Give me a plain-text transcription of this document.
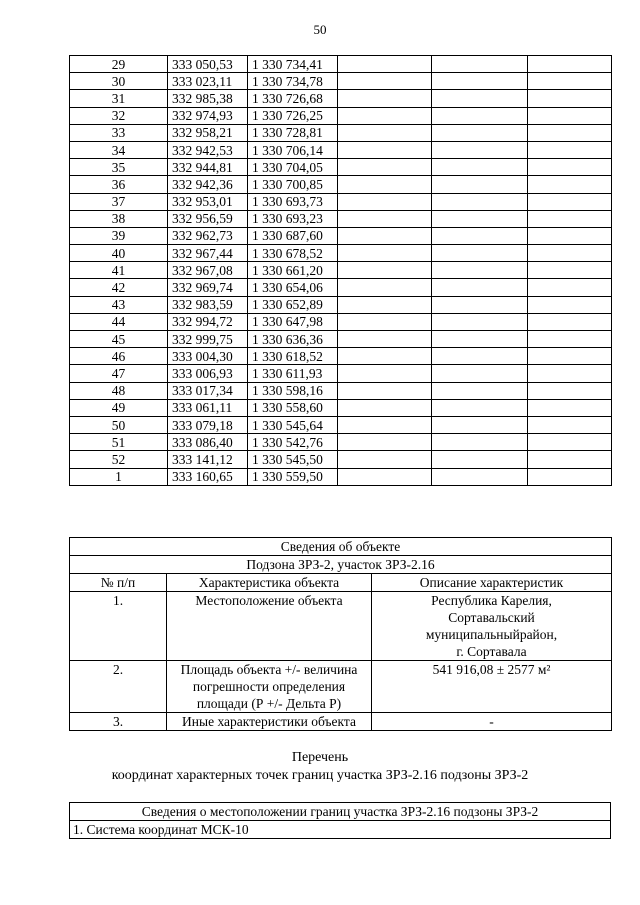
50
29	333 050,53	1 330 734,41			
30	333 023,11	1 330 734,78			
31	332 985,38	1 330 726,68			
32	332 974,93	1 330 726,25			
33	332 958,21	1 330 728,81			
34	332 942,53	1 330 706,14			
35	332 944,81	1 330 704,05			
36	332 942,36	1 330 700,85			
37	332 953,01	1 330 693,73			
38	332 956,59	1 330 693,23			
39	332 962,73	1 330 687,60			
40	332 967,44	1 330 678,52			
41	332 967,08	1 330 661,20			
42	332 969,74	1 330 654,06			
43	332 983,59	1 330 652,89			
44	332 994,72	1 330 647,98			
45	332 999,75	1 330 636,36			
46	333 004,30	1 330 618,52			
47	333 006,93	1 330 611,93			
48	333 017,34	1 330 598,16			
49	333 061,11	1 330 558,60			
50	333 079,18	1 330 545,64			
51	333 086,40	1 330 542,76			
52	333 141,12	1 330 545,50			
1	333 160,65	1 330 559,50			
Сведения об объекте		
Подзона ЗРЗ-2, участок ЗРЗ-2.16		
№ п/п	Характеристика объекта	Описание характеристик
1.	Местоположение объекта	Республика Карелия,
Сортавальский
муниципальныйрайон,
г. Сортавала
2.	Площадь объекта +/- величина
погрешности определения
площади (Р +/- Дельта Р)	541 916,08 ± 2577 м²
3.	Иные характеристики объекта	-
Перечень
координат характерных точек границ участка ЗРЗ-2.16 подзоны ЗРЗ-2
Сведения о местоположении границ участка ЗРЗ-2.16 подзоны ЗРЗ-2
1. Система координат МСК-10
